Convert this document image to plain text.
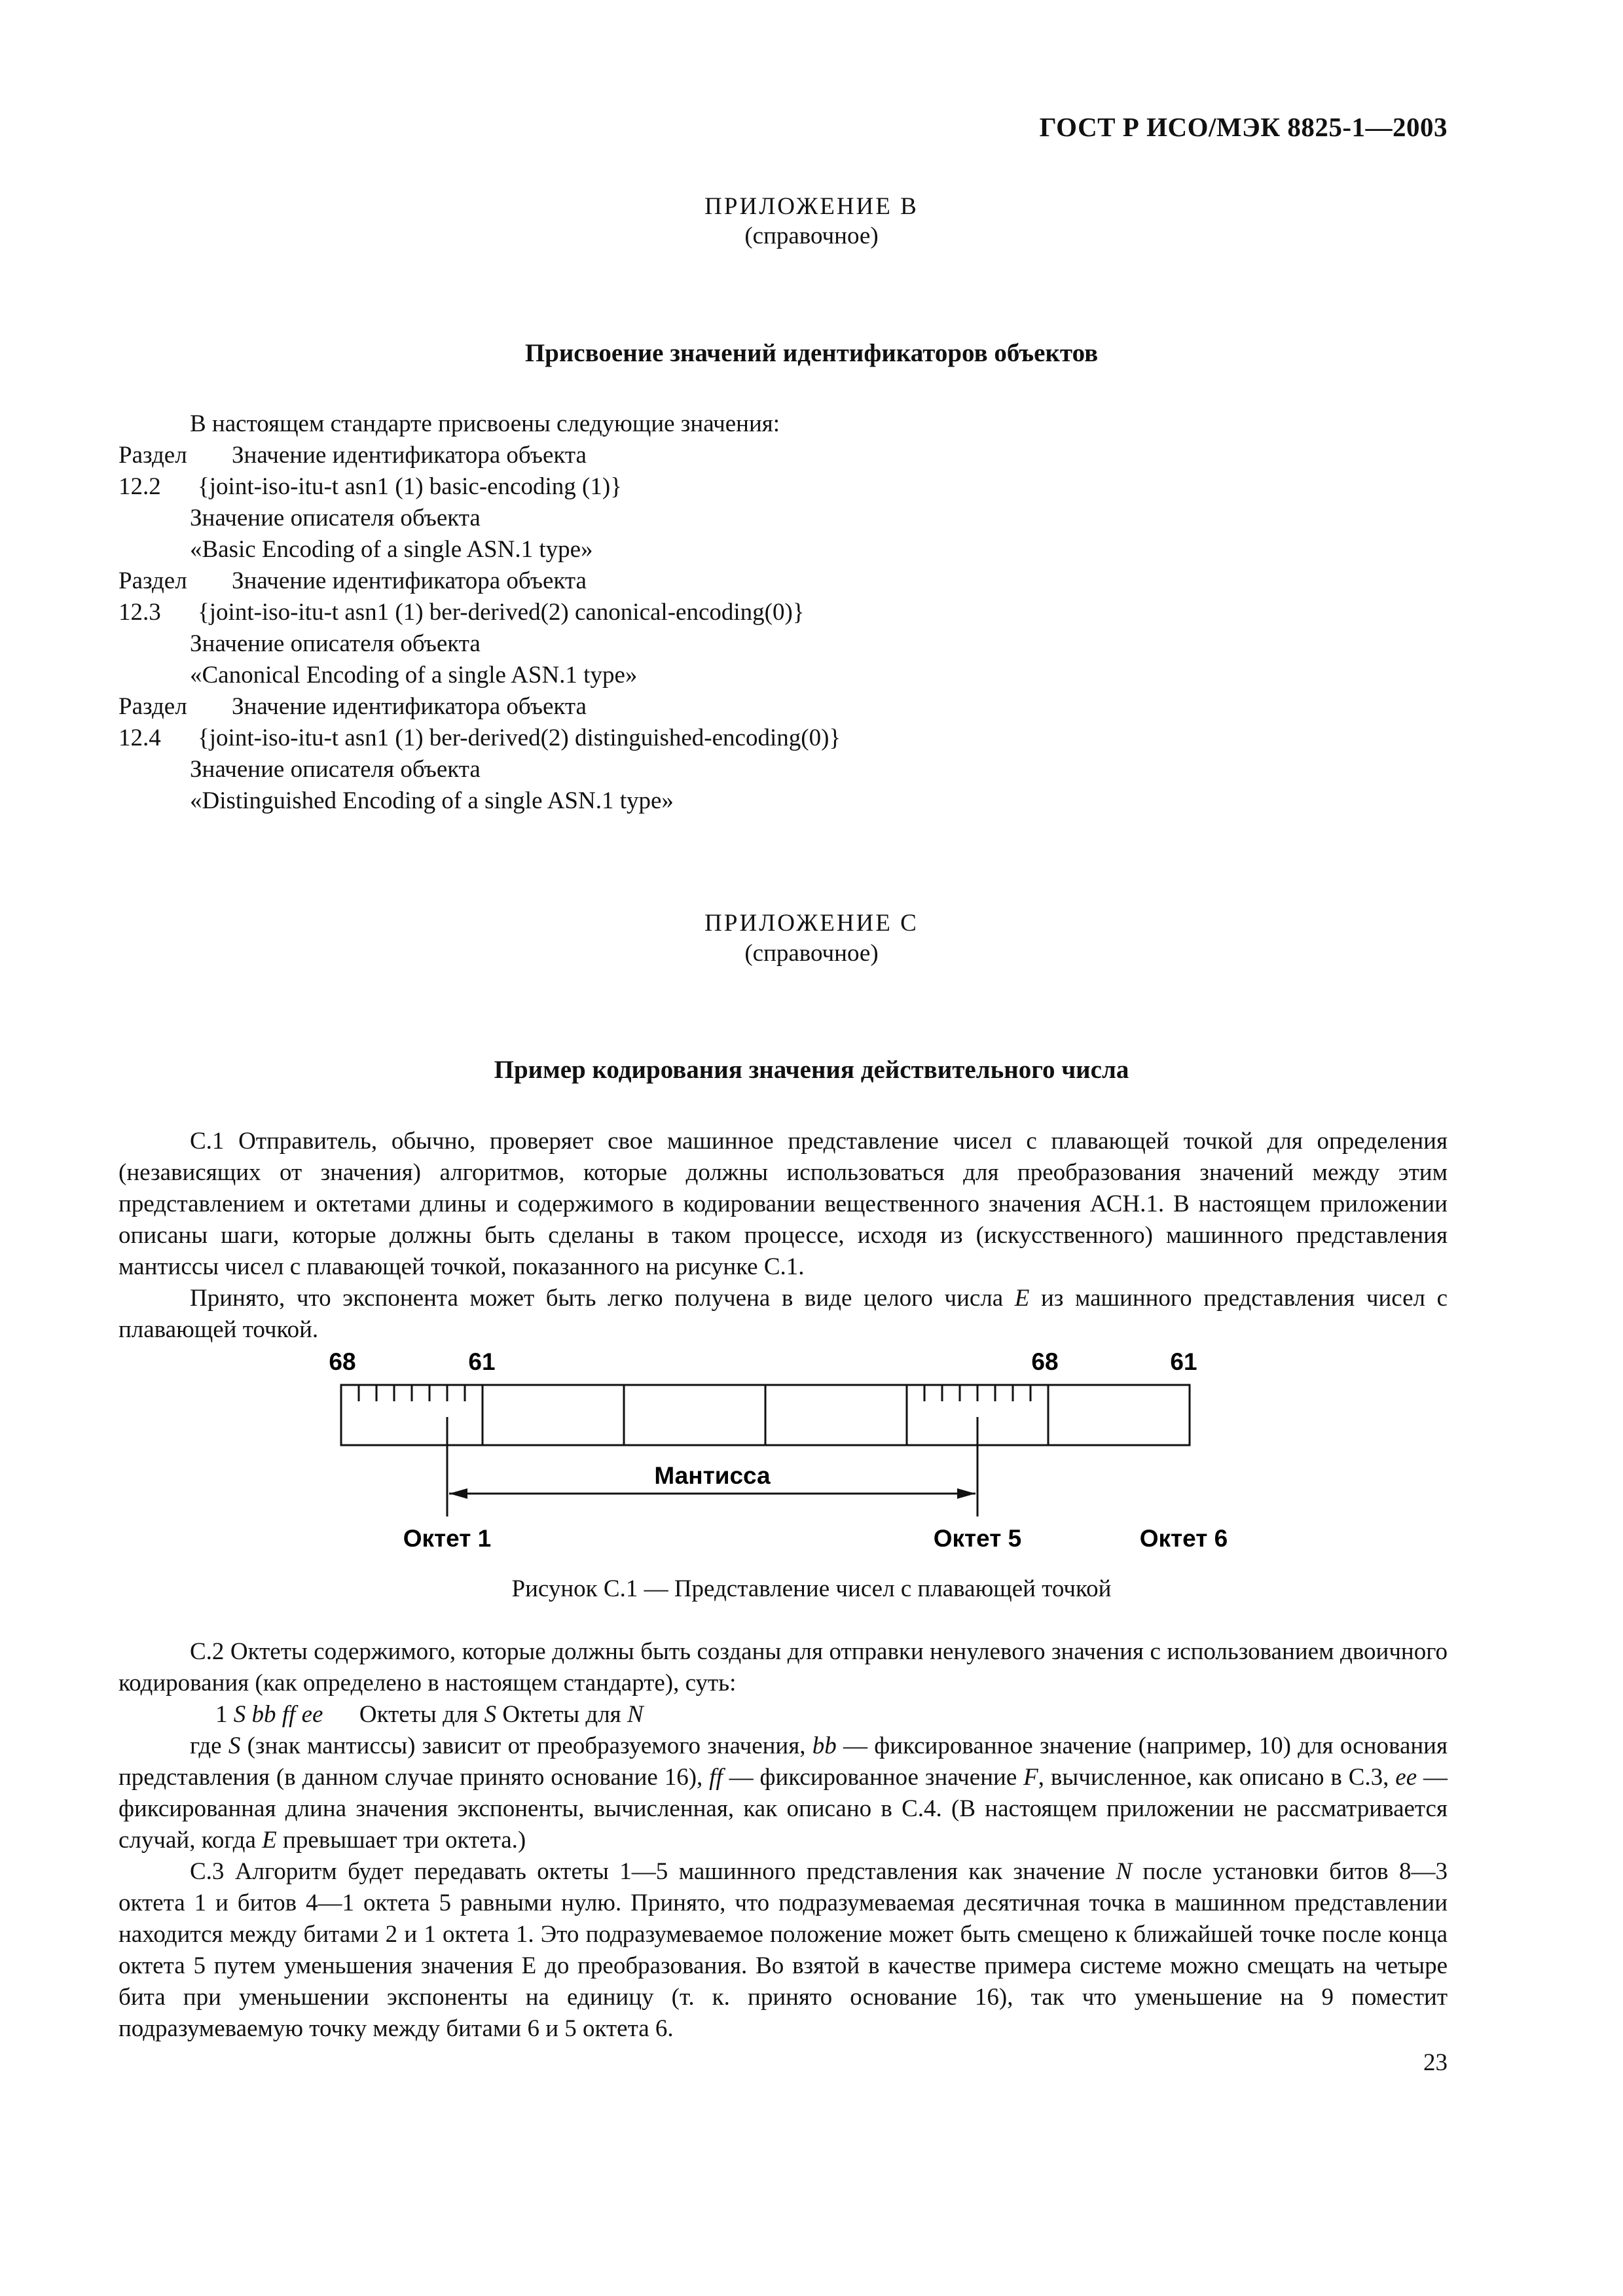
ГОСТ Р ИСО/МЭК 8825-1—2003
ПРИЛОЖЕНИЕ В
(справочное)
Присвоение значений идентификаторов объектов
В настоящем стандарте присвоены следующие значения:
Раздел Значение идентификатора объекта
12.2 {joint-iso-itu-t asn1 (1) basic-encoding (1)}
Значение описателя объекта
«Basic Encoding of a single ASN.1 type»
Раздел Значение идентификатора объекта
12.3 {joint-iso-itu-t asn1 (1) ber-derived(2) canonical-encoding(0)}
Значение описателя объекта
«Canonical Encoding of a single ASN.1 type»
Раздел Значение идентификатора объекта
12.4 {joint-iso-itu-t asn1 (1) ber-derived(2) distinguished-encoding(0)}
Значение описателя объекта
«Distinguished Encoding of a single ASN.1 type»
ПРИЛОЖЕНИЕ С
(справочное)
Пример кодирования значения действительного числа
С.1 Отправитель, обычно, проверяет свое машинное представление чисел с плавающей точкой для определения (независящих от значения) алгоритмов, которые должны использоваться для преобразования значений между этим представлением и октетами длины и содержимого в кодировании вещественного значения АСН.1. В настоящем приложении описаны шаги, которые должны быть сделаны в таком процессе, исходя из (искусственного) машинного представления мантиссы чисел с плавающей точкой, показанного на рисунке С.1.
Принято, что экспонента может быть легко получена в виде целого числа E из машинного представления чисел с плавающей точкой.
68	61	68	61
Мантисса
Октет 1	Октет 5	Октет 6
Рисунок С.1 — Представление чисел с плавающей точкой
С.2 Октеты содержимого, которые должны быть созданы для отправки ненулевого значения с использованием двоичного кодирования (как определено в настоящем стандарте), суть:
1 S bb ff ee Октеты для S Октеты для N
где S (знак мантиссы) зависит от преобразуемого значения, bb — фиксированное значение (например, 10) для основания представления (в данном случае принято основание 16), ff — фиксированное значение F, вычисленное, как описано в С.3, ee — фиксированная длина значения экспоненты, вычисленная, как описано в С.4. (В настоящем приложении не рассматривается случай, когда E превышает три октета.)
С.3 Алгоритм будет передавать октеты 1—5 машинного представления как значение N после установки битов 8—3 октета 1 и битов 4—1 октета 5 равными нулю. Принято, что подразумеваемая десятичная точка в машинном представлении находится между битами 2 и 1 октета 1. Это подразумеваемое положение может быть смещено к ближайшей точке после конца октета 5 путем уменьшения значения Е до преобразования. Во взятой в качестве примера системе можно смещать на четыре бита при уменьшении экспоненты на единицу (т. к. принято основание 16), так что уменьшение на 9 поместит подразумеваемую точку между битами 6 и 5 октета 6.
23
